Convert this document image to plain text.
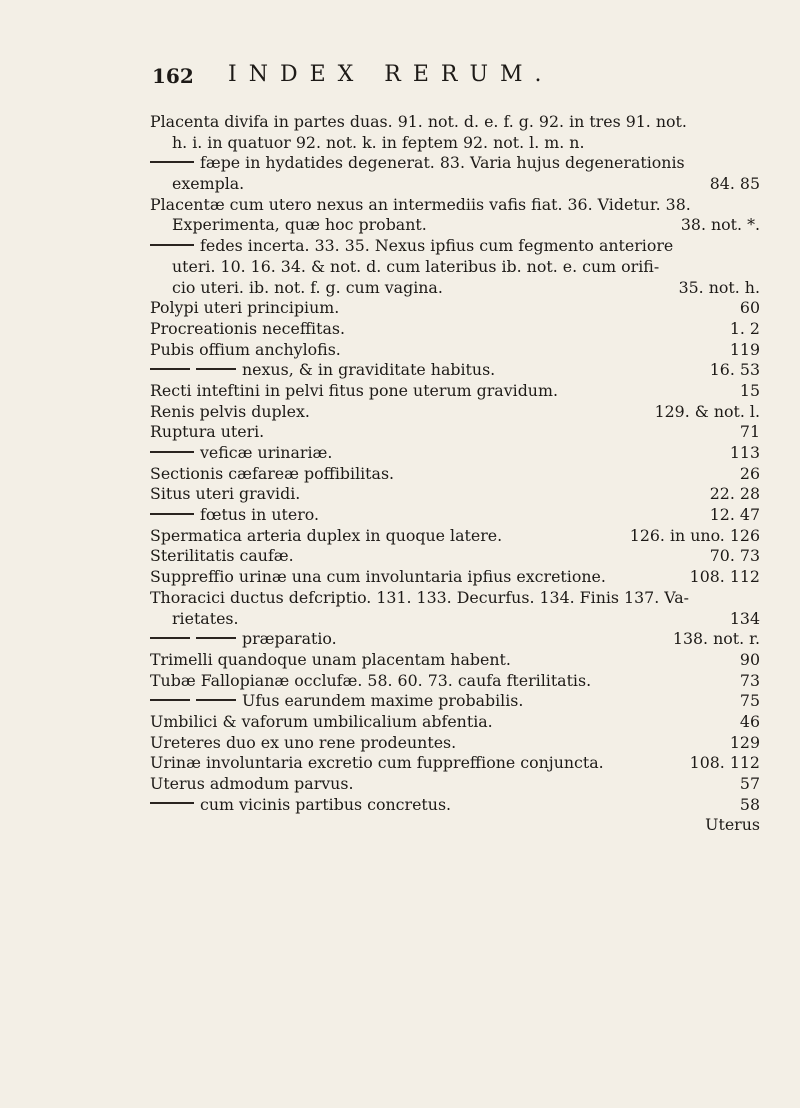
162 INDEX RERUM.
Placenta divifa in partes duas. 91. not. d. e. f. g. 92. in tres 91. not.
h. i. in quatuor 92. not. k. in feptem 92. not. l. m. n.
fæpe in hydatides degenerat. 83. Varia hujus degenerationis
exempla.	84. 85
Placentæ cum utero nexus an intermediis vafis fiat. 36. Videtur. 38.
Experimenta, quæ hoc probant.	38. not. *.
fedes incerta. 33. 35. Nexus ipfius cum fegmento anteriore
uteri. 10. 16. 34. & not. d. cum lateribus ib. not. e. cum orifi-
cio uteri. ib. not. f. g. cum vagina.	35. not. h.
Polypi uteri principium.	60
Procreationis neceffitas.	1. 2
Pubis offium anchylofis.	119
nexus, & in graviditate habitus.	16. 53
Recti inteftini in pelvi fitus pone uterum gravidum.	15
Renis pelvis duplex.	129. & not. l.
Ruptura uteri.	71
veficæ urinariæ.	113
Sectionis cæfareæ poffibilitas.	26
Situs uteri gravidi.	22. 28
fœtus in utero.	12. 47
Spermatica arteria duplex in quoque latere.	126. in uno. 126
Sterilitatis caufæ.	70. 73
Suppreffio urinæ una cum involuntaria ipfius excretione.	108. 112
Thoracici ductus defcriptio. 131. 133. Decurfus. 134. Finis 137. Va-
rietates.	134
præparatio.	138. not. r.
Trimelli quandoque unam placentam habent.	90
Tubæ Fallopianæ occlufæ. 58. 60. 73. caufa fterilitatis.	73
Ufus earundem maxime probabilis.	75
Umbilici & vaforum umbilicalium abfentia.	46
Ureteres duo ex uno rene prodeuntes.	129
Urinæ involuntaria excretio cum fuppreffione conjuncta.	108. 112
Uterus admodum parvus.	57
cum vicinis partibus concretus.	58
Uterus
